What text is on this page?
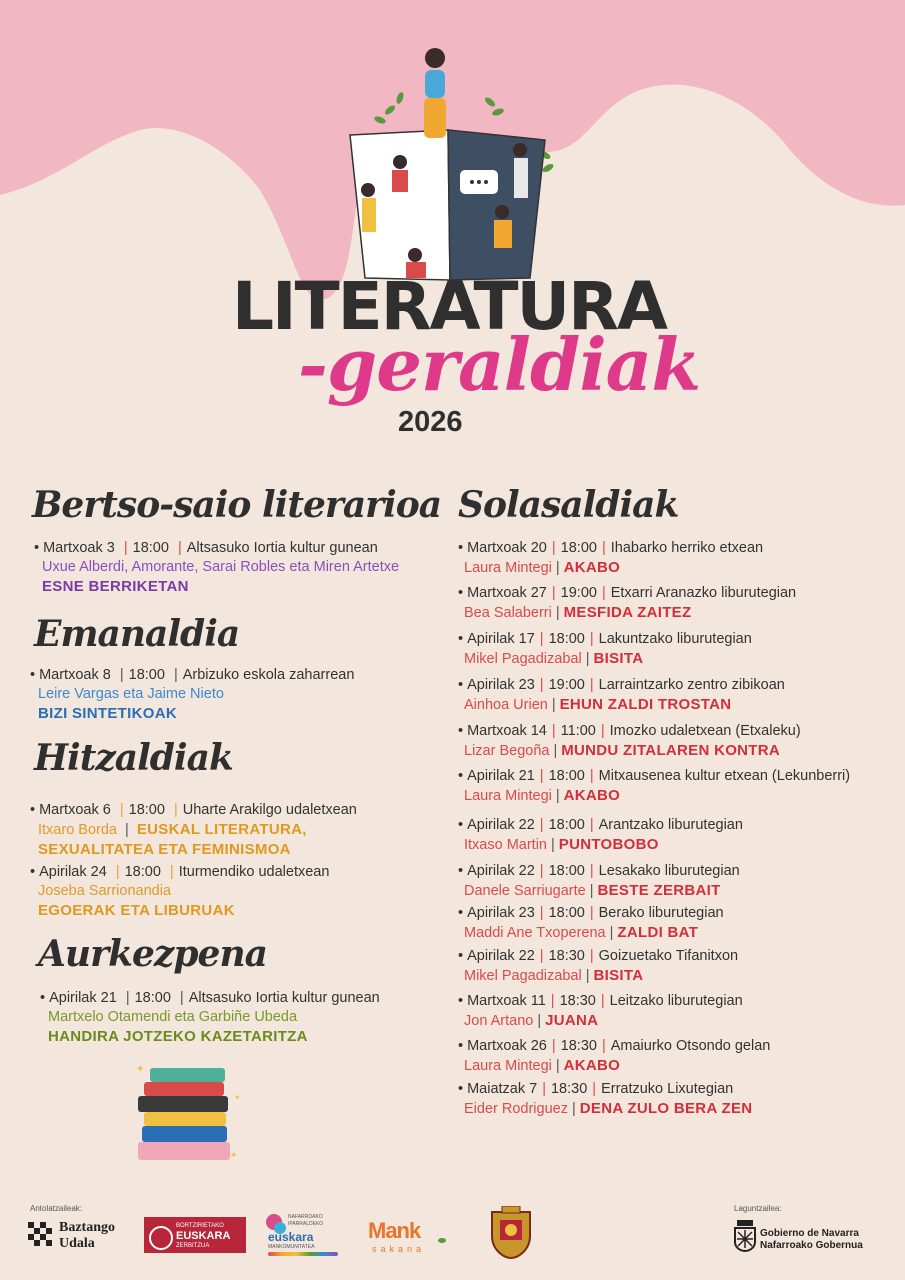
LITERATURA
-geraldiak
2026
Bertso-saio literarioa
• Martxoak 3 | 18:00 | Altsasuko Iortia kultur gunean
Uxue Alberdi, Amorante, Sarai Robles eta Miren Artetxe
ESNE BERRIKETAN
Emanaldia
• Martxoak 8 | 18:00 | Arbizuko eskola zaharrean
Leire Vargas eta Jaime Nieto
BIZI SINTETIKOAK
Hitzaldiak
• Martxoak 6 | 18:00 | Uharte Arakilgo udaletxean
Itxaro Borda | EUSKAL LITERATURA,
SEXUALITATEA ETA FEMINISMOA
• Apirilak 24 | 18:00 | Iturmendiko udaletxean
Joseba Sarrionandia
EGOERAK ETA LIBURUAK
Aurkezpena
• Apirilak 21 | 18:00 | Altsasuko Iortia kultur gunean
Martxelo Otamendi eta Garbiñe Ubeda
HANDIRA JOTZEKO KAZETARITZA
✦
✦
✦
Solasaldiak
• Martxoak 20 | 18:00 | Ihabarko herriko etxean
Laura Mintegi | AKABO
• Martxoak 27 | 19:00 | Etxarri Aranazko liburutegian
Bea Salaberri | MESFIDA ZAITEZ
• Apirilak 17 | 18:00 | Lakuntzako liburutegian
Mikel Pagadizabal | BISITA
• Apirilak 23 | 19:00 | Larraintzarko zentro zibikoan
Ainhoa Urien | EHUN ZALDI TROSTAN
• Martxoak 14 | 11:00 | Imozko udaletxean (Etxaleku)
Lizar Begoña | MUNDU ZITALAREN KONTRA
• Apirilak 21 | 18:00 | Mitxausenea kultur etxean (Lekunberri)
Laura Mintegi | AKABO
• Apirilak 22 | 18:00 | Arantzako liburutegian
Itxaso Martin | PUNTOBOBO
• Apirilak 22 | 18:00 | Lesakako liburutegian
Danele Sarriugarte | BESTE ZERBAIT
• Apirilak 23 | 18:00 | Berako liburutegian
Maddi Ane Txoperena | ZALDI BAT
• Apirilak 22 | 18:30 | Goizuetako Tifanitxon
Mikel Pagadizabal | BISITA
• Martxoak 11 | 18:30 | Leitzako liburutegian
Jon Artano | JUANA
• Martxoak 26 | 18:30 | Amaiurko Otsondo gelan
Laura Mintegi | AKABO
• Maiatzak 7 | 18:30 | Erratzuko Lixutegian
Eider Rodriguez | DENA ZULO BERA ZEN
Antolatzaileak:	Laguntzailea:
Baztango
Udala
BORTZIRIETAKO
EUSKARA
ZERBITZUA
NAFARROAKO
IPARRALDEKO
euskara
MANKOMUNITATEA
Mank
sakana
Gobierno de Navarra
Nafarroako Gobernua
